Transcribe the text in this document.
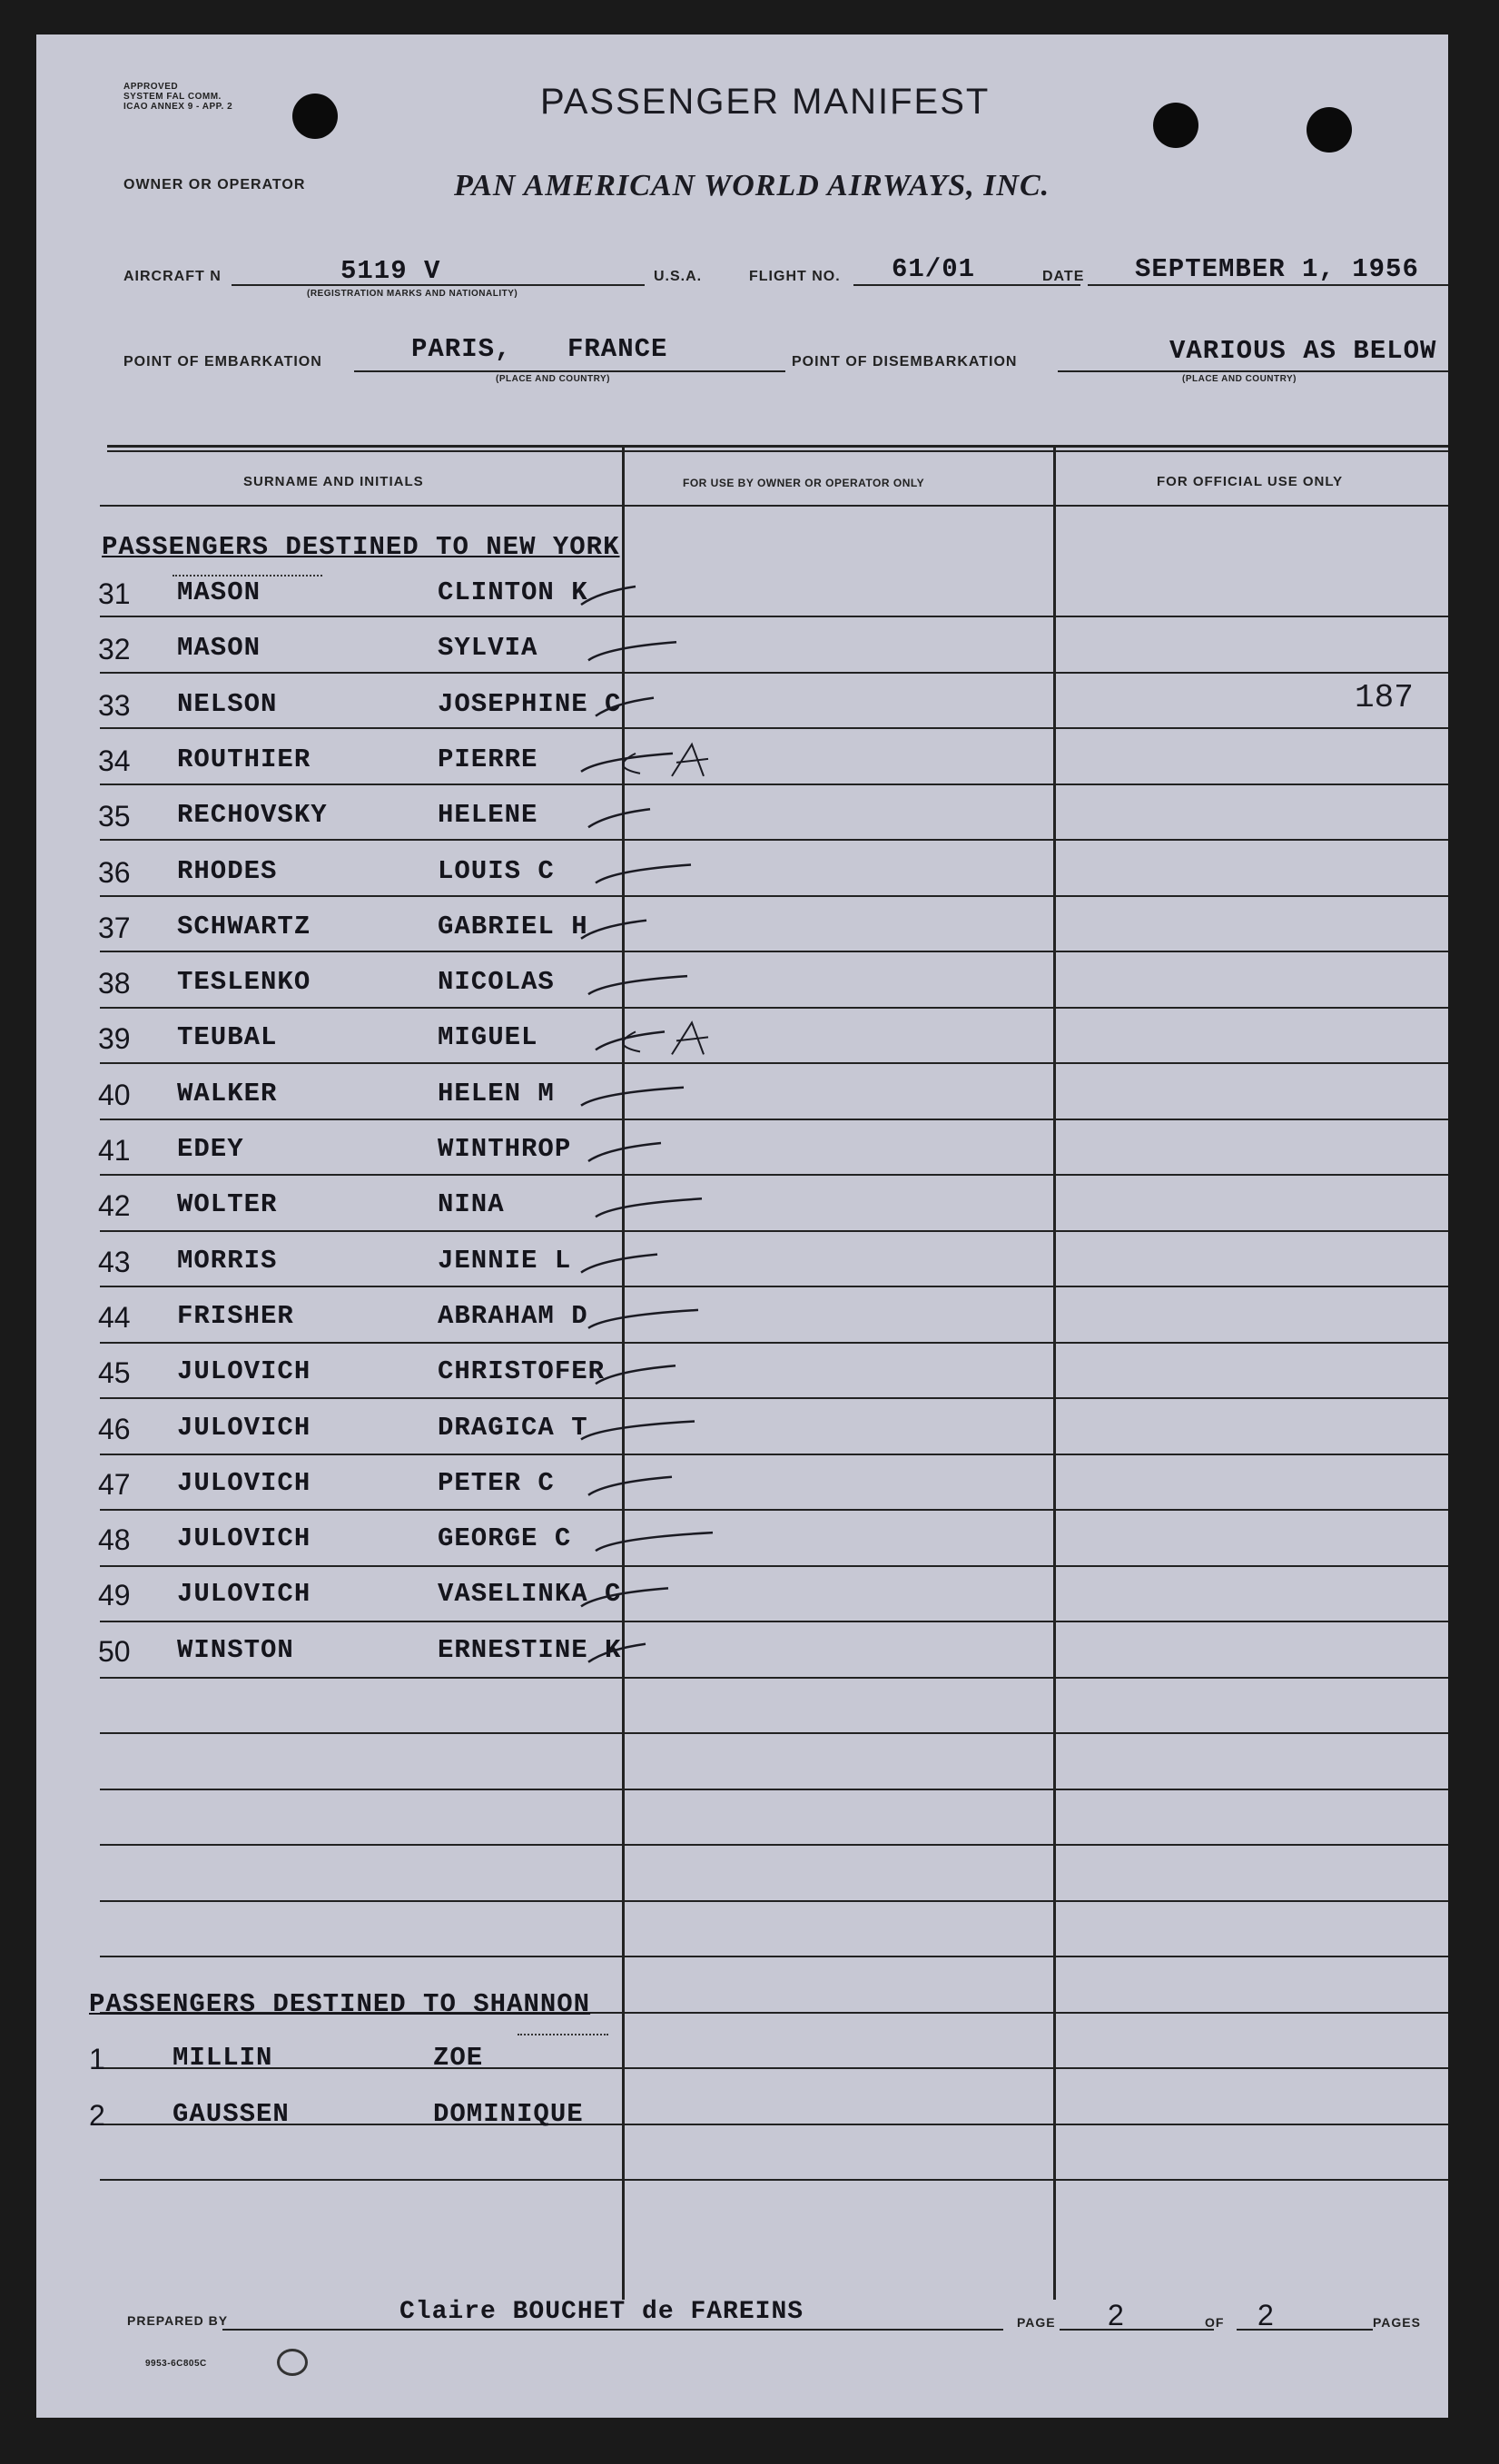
APPROVED
SYSTEM FAL COMM.
ICAO ANNEX 9 - APP. 2	PASSENGER MANIFEST
OWNER OR OPERATOR	PAN AMERICAN WORLD AIRWAYS, INC.
AIRCRAFT N	5119 V
(REGISTRATION MARKS AND NATIONALITY)
U.S.A.	FLIGHT NO. 61/01	DATE SEPTEMBER 1, 1956
POINT OF EMBARKATION	PARIS, FRANCE
(PLACE AND COUNTRY)
POINT OF DISEMBARKATION	VARIOUS AS BELOW
(PLACE AND COUNTRY)
SURNAME AND INITIALS	FOR USE BY OWNER OR OPERATOR ONLY	FOR OFFICIAL USE ONLY
PASSENGERS DESTINED TO NEW YORK
31 MASON	CLINTON K
32 MASON	SYLVIA
33 NELSON	JOSEPHINE C
34 ROUTHIER	PIERRE
35 RECHOVSKY	HELENE
36 RHODES	LOUIS C
37 SCHWARTZ	GABRIEL H
38 TESLENKO	NICOLAS
39 TEUBAL	MIGUEL
40 WALKER	HELEN M
41 EDEY	WINTHROP
42 WOLTER	NINA
43 MORRIS	JENNIE L
44 FRISHER	ABRAHAM D
45 JULOVICH	CHRISTOFER
46 JULOVICH	DRAGICA T
47 JULOVICH	PETER C
48 JULOVICH	GEORGE C
49 JULOVICH	VASELINKA C
50 WINSTON	ERNESTINE K
187
PASSENGERS DESTINED TO SHANNON
1	MILLIN	ZOE
2	GAUSSEN	DOMINIQUE
PREPARED BY	Claire BOUCHET de FAREINS	PAGE 2	OF 2	PAGES
9953-6C805C
